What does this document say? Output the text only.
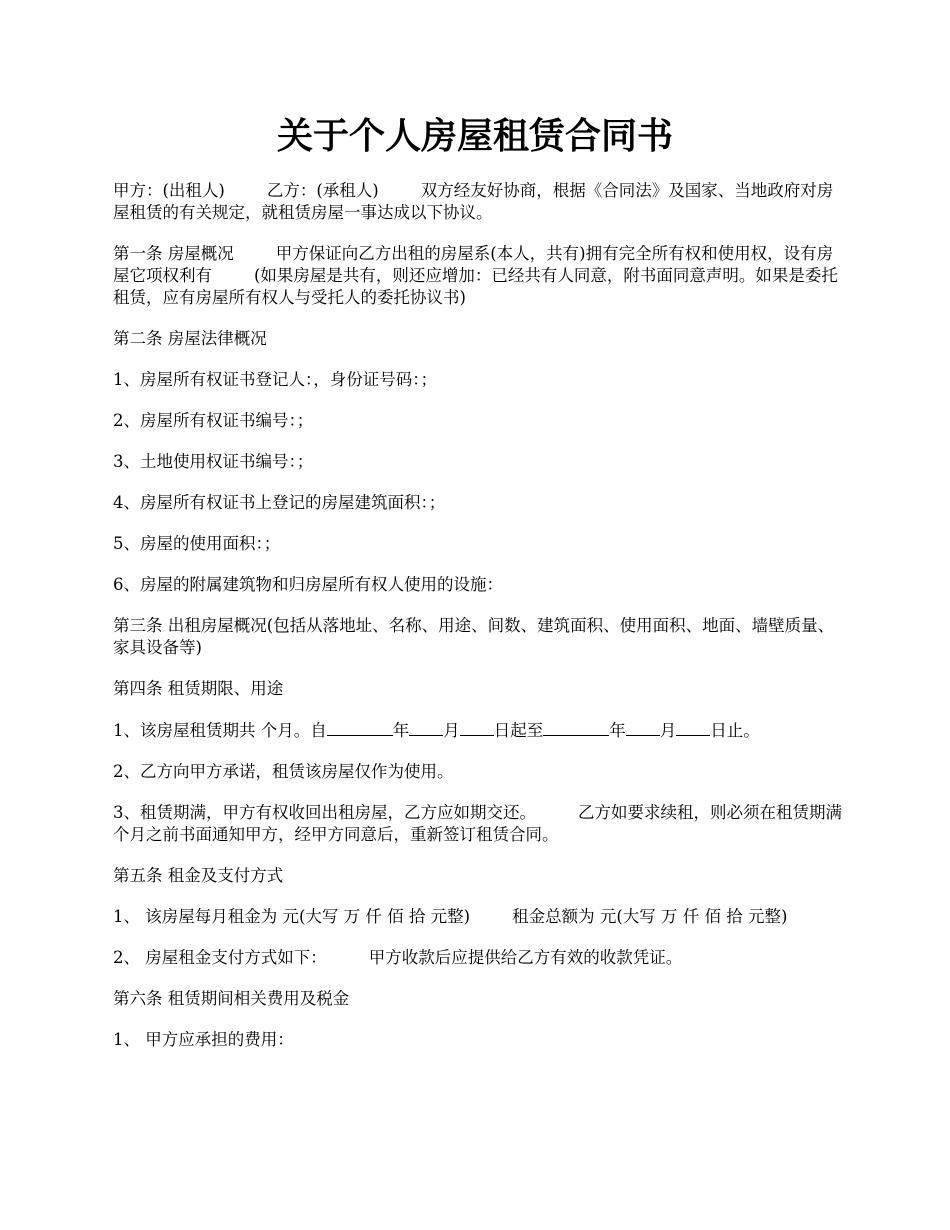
关于个人房屋租赁合同书

甲方：(出租人)	乙方：(承租人)	双方经友好协商，根据《合同法》及国家、当地政府对房屋租赁的有关规定，就租赁房屋一事达成以下协议。

第一条 房屋概况	甲方保证向乙方出租的房屋系(本人，共有)拥有完全所有权和使用权，设有房屋它项权利有	(如果房屋是共有，则还应增加：已经共有人同意，附书面同意声明。如果是委托租赁，应有房屋所有权人与受托人的委托协议书)

第二条 房屋法律概况

1、房屋所有权证书登记人：，身份证号码：；

2、房屋所有权证书编号：；

3、土地使用权证书编号：；

4、房屋所有权证书上登记的房屋建筑面积：；

5、房屋的使用面积：；

6、房屋的附属建筑物和归房屋所有权人使用的设施：

第三条 出租房屋概况(包括从落地址、名称、用途、间数、建筑面积、使用面积、地面、墙壁质量、家具设备等)

第四条 租赁期限、用途

1、该房屋租赁期共 个月。自	年 月 日起至	年 月 日止。

2、乙方向甲方承诺，租赁该房屋仅作为使用。

3、租赁期满，甲方有权收回出租房屋，乙方应如期交还。	乙方如要求续租，则必须在租赁期满 个月之前书面通知甲方，经甲方同意后，重新签订租赁合同。

第五条 租金及支付方式

1、 该房屋每月租金为 元(大写 万 仟 佰 拾 元整)	租金总额为 元(大写 万 仟 佰 拾 元整)

2、 房屋租金支付方式如下：	甲方收款后应提供给乙方有效的收款凭证。

第六条 租赁期间相关费用及税金

1、 甲方应承担的费用：
